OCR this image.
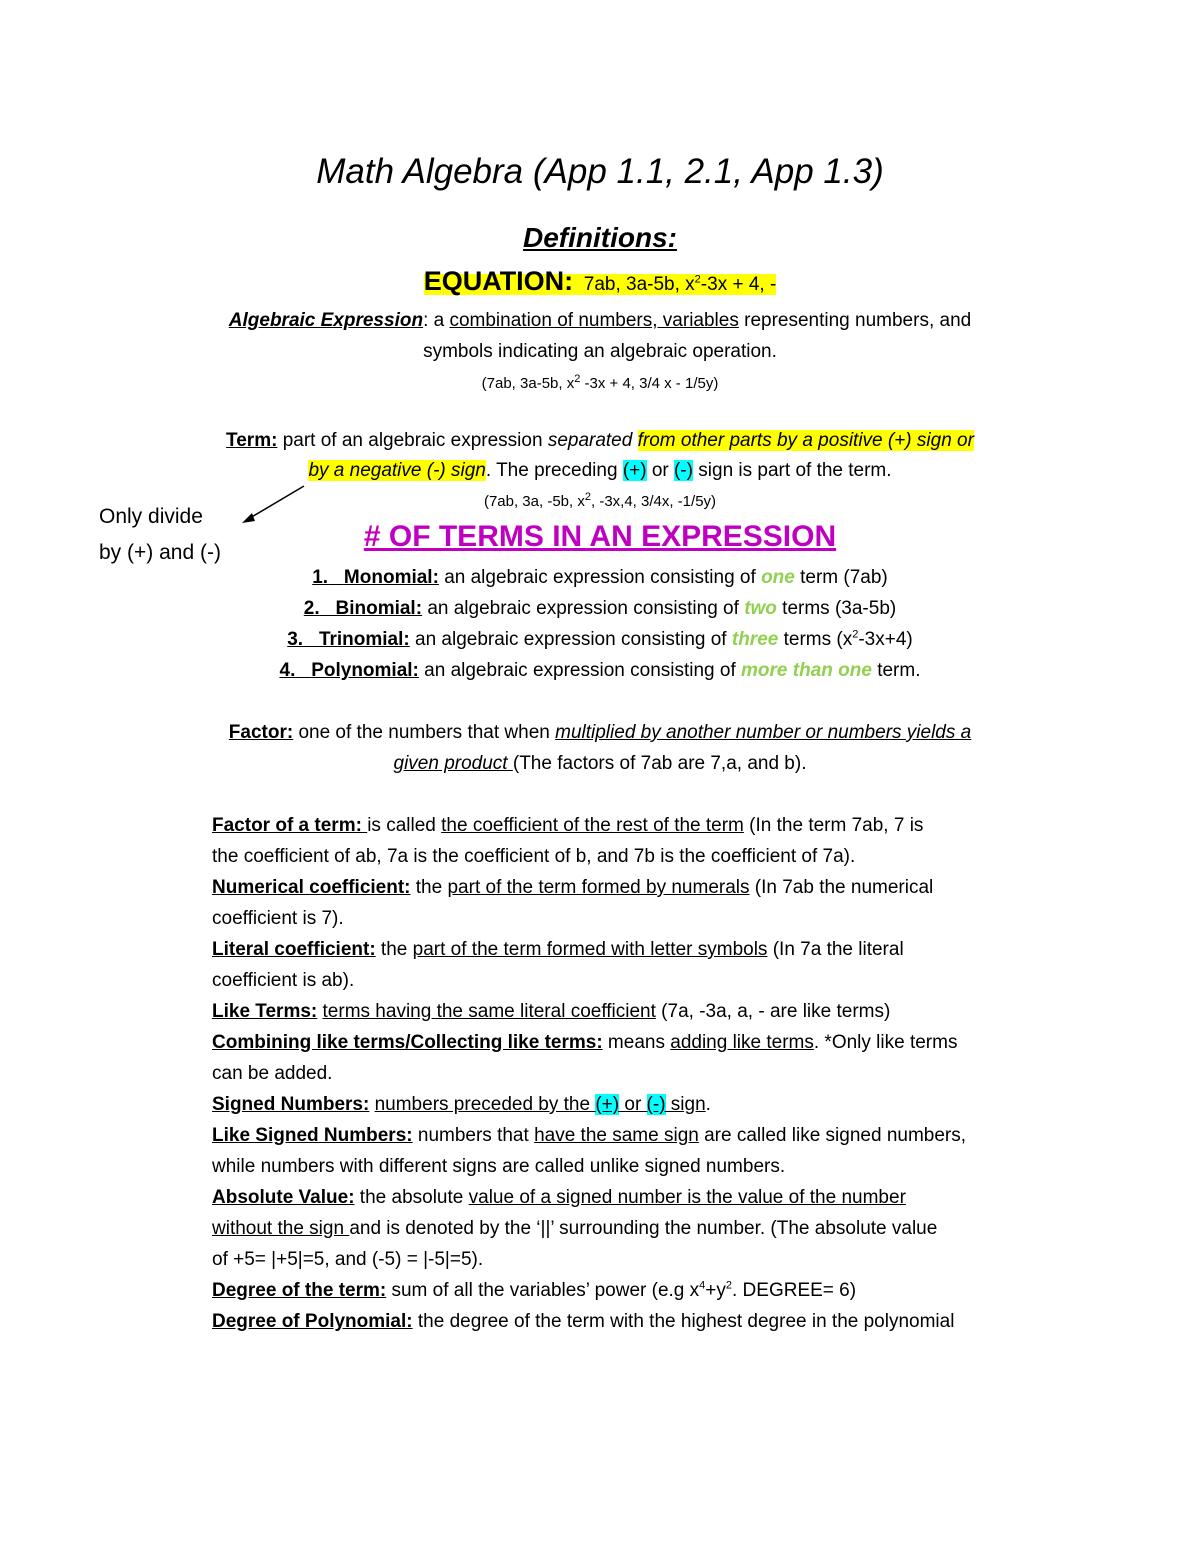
Math Algebra (App 1.1, 2.1, App 1.3)
Definitions:
EQUATION: 7ab, 3a-5b, $x^2-3x + 4$, -
Algebraic Expression: a combination of numbers, variables representing numbers, and
symbols indicating an algebraic operation.
(7ab, 3a-5b, $x^2$ -3x + 4, 3/4 x - 1/5y)
Term: part of an algebraic expression separated from other parts by a positive (+) sign or
by a negative (-) sign. The preceding (+) or (-) sign is part of the term.
(7ab, 3a, -5b, $x^2$, -3x,4, 3/4x, -1/5y)
Only divide
by (+) and (-)	# OF TERMS IN AN EXPRESSION
1. Monomial: an algebraic expression consisting of one term (7ab)
2. Binomial: an algebraic expression consisting of two terms (3a-5b)
3. Trinomial: an algebraic expression consisting of three terms $(x^2-3x+4)$
4. Polynomial: an algebraic expression consisting of more than one term.
Factor: one of the numbers that when multiplied by another number or numbers yields a
given product (The factors of 7ab are 7,a, and b).
Factor of a term: is called the coefficient of the rest of the term (In the term 7ab, 7 is
the coefficient of ab, 7a is the coefficient of b, and 7b is the coefficient of 7a).
Numerical coefficient: the part of the term formed by numerals (In 7ab the numerical
coefficient is 7).
Literal coefficient: the part of the term formed with letter symbols (In 7a the literal
coefficient is ab).
Like Terms: terms having the same literal coefficient (7a, -3a, a, - are like terms)
Combining like terms/Collecting like terms: means adding like terms. *Only like terms
can be added.
Signed Numbers: numbers preceded by the (+) or (-) sign.
Like Signed Numbers: numbers that have the same sign are called like signed numbers,
while numbers with different signs are called unlike signed numbers.
Absolute Value: the absolute value of a signed number is the value of the number
without the sign and is denoted by the ‘||’ surrounding the number. (The absolute value
of +5= |+5|=5, and (-5) = |-5|=5).
Degree of the term: sum of all the variables’ power (e.g $x^4+y^2$. DEGREE= 6)
Degree of Polynomial: the degree of the term with the highest degree in the polynomial
